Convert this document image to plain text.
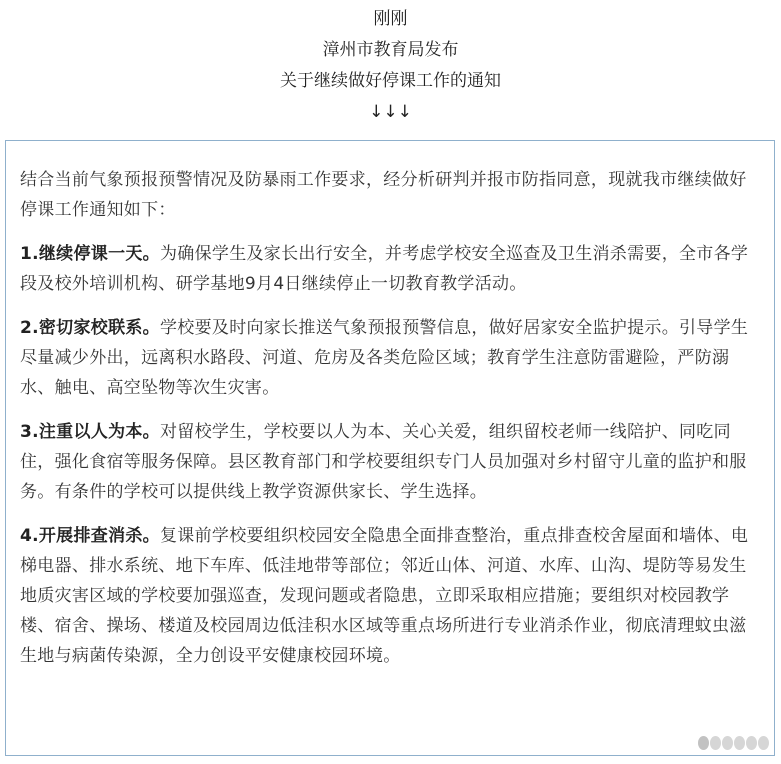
刚刚
漳州市教育局发布
关于继续做好停课工作的通知
↓↓↓

结合当前气象预报预警情况及防暴雨工作要求，经分析研判并报市防指同意，现就我市继续做好停课工作通知如下：

1.继续停课一天。为确保学生及家长出行安全，并考虑学校安全巡查及卫生消杀需要，全市各学段及校外培训机构、研学基地9月4日继续停止一切教育教学活动。

2.密切家校联系。学校要及时向家长推送气象预报预警信息，做好居家安全监护提示。引导学生尽量减少外出，远离积水路段、河道、危房及各类危险区域；教育学生注意防雷避险，严防溺水、触电、高空坠物等次生灾害。

3.注重以人为本。对留校学生，学校要以人为本、关心关爱，组织留校老师一线陪护、同吃同住，强化食宿等服务保障。县区教育部门和学校要组织专门人员加强对乡村留守儿童的监护和服务。有条件的学校可以提供线上教学资源供家长、学生选择。

4.开展排查消杀。复课前学校要组织校园安全隐患全面排查整治，重点排查校舍屋面和墙体、电梯电器、排水系统、地下车库、低洼地带等部位；邻近山体、河道、水库、山沟、堤防等易发生地质灾害区域的学校要加强巡查，发现问题或者隐患，立即采取相应措施；要组织对校园教学楼、宿舍、操场、楼道及校园周边低洼积水区域等重点场所进行专业消杀作业，彻底清理蚊虫滋生地与病菌传染源，全力创设平安健康校园环境。
